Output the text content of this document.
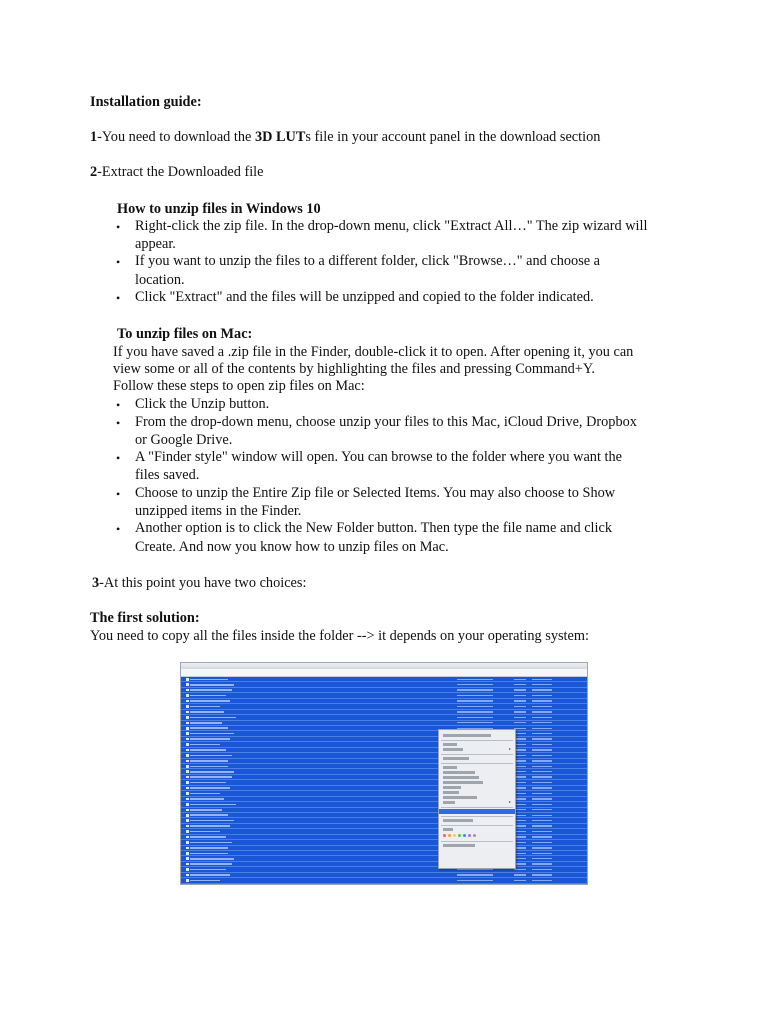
Installation guide:
1-You need to download the 3D LUTs file in your account panel in the download section
2-Extract the Downloaded file
How to unzip files in Windows 10
• Right-click the zip file. In the drop-down menu, click "Extract All…" The zip wizard will
appear.
• If you want to unzip the files to a different folder, click "Browse…" and choose a
location.
• Click "Extract" and the files will be unzipped and copied to the folder indicated.
To unzip files on Mac:
If you have saved a .zip file in the Finder, double-click it to open. After opening it, you can
view some or all of the contents by highlighting the files and pressing Command+Y.
Follow these steps to open zip files on Mac:
• Click the Unzip button.
• From the drop-down menu, choose unzip your files to this Mac, iCloud Drive, Dropbox
or Google Drive.
• A "Finder style" window will open. You can browse to the folder where you want the
files saved.
• Choose to unzip the Entire Zip file or Selected Items. You may also choose to Show
unzipped items in the Finder.
• Another option is to click the New Folder button. Then type the file name and click
Create. And now you know how to unzip files on Mac.
3-At this point you have two choices:
The first solution:
You need to copy all the files inside the folder --> it depends on your operating system:
